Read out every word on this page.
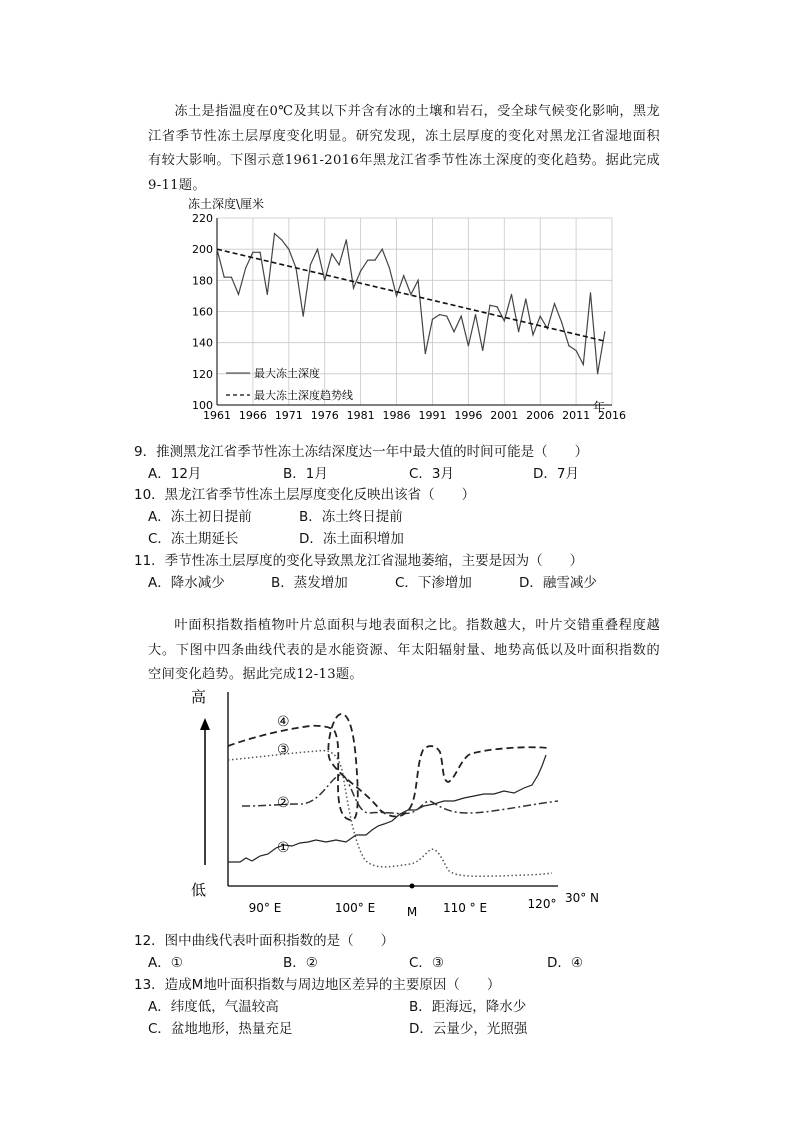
冻土是指温度在0℃及其以下并含有冰的土壤和岩石，受全球气候变化影响，黑龙江省季节性冻土层厚度变化明显。研究发现，冻土层厚度的变化对黑龙江省湿地面积有较大影响。下图示意1961-2016年黑龙江省季节性冻土深度的变化趋势。据此完成9-11题。
冻土深度\厘米
100
120
140
160
180
200
220
1961 1966 1971 1976 1981 1986 1991 1996 2001 2006 2011 2016
年
最大冻土深度
最大冻土深度趋势线
9．推测黑龙江省季节性冻土冻结深度达一年中最大值的时间可能是（　　）
A．12月	B．1月	C．3月	D．7月
10．黑龙江省季节性冻土层厚度变化反映出该省（　　）
A．冻土初日提前	B．冻土终日提前
C．冻土期延长	D．冻土面积增加
11．季节性冻土层厚度的变化导致黑龙江省湿地萎缩，主要是因为（　　）
A．降水减少	B．蒸发增加	C．下渗增加	D．融雪减少
叶面积指数指植物叶片总面积与地表面积之比。指数越大，叶片交错重叠程度越大。下图中四条曲线代表的是水能资源、年太阳辐射量、地势高低以及叶面积指数的空间变化趋势。据此完成12-13题。
高
低
90° E	100° E	M 110 ° E	120° 30° N
④
③
②
①
12．图中曲线代表叶面积指数的是（　　）
A．①	B．②	C．③	D．④
13．造成M地叶面积指数与周边地区差异的主要原因（　　）
A．纬度低，气温较高	B．距海远，降水少
C．盆地地形，热量充足	D．云量少，光照强
